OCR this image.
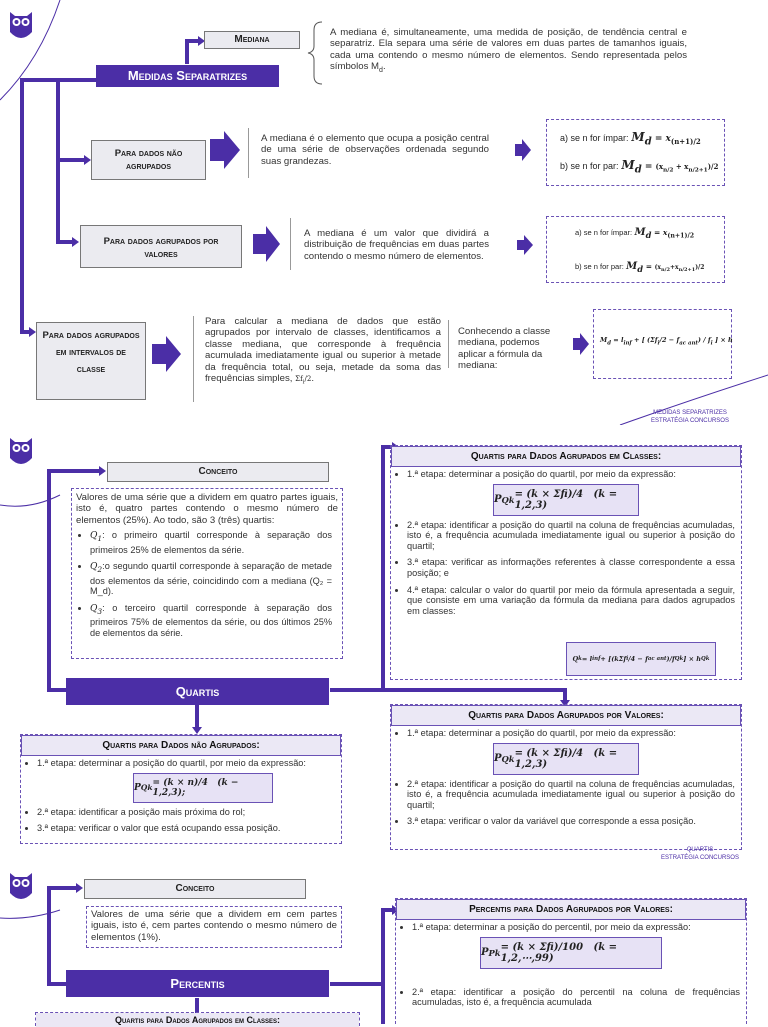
Mediana
Medidas Separatrizes
A mediana é, simultaneamente, uma medida de posição, de tendência central e separatriz. Ela separa uma série de valores em duas partes de tamanhos iguais, cada uma contendo o mesmo número de elementos. Sendo representada pelos símbolos $M_d$.
Para dados não agrupados
A mediana é o elemento que ocupa a posição central de uma série de observações ordenada segundo suas grandezas.
a) se n for ímpar: $M_d = x_{(n+1)/2}$
b) se n for par: $M_d = (x_{n/2} + x_{n/2+1})/2$
Para dados agrupados por valores
A mediana é um valor que dividirá a distribuição de frequências em duas partes contendo o mesmo número de elementos.
a) se n for ímpar: $M_d = x_{(n+1)/2}$
b) se n for par: $M_d = (x_{n/2}+x_{n/2+1})/2$
Para dados agrupados em intervalos de classe
Para calcular a mediana de dados que estão agrupados por intervalo de classes, identificamos a classe mediana, que corresponde à frequência acumulada imediatamente igual ou superior à metade da frequência total, ou seja, metade da soma das frequências simples, $\Sigma f_i/2$.
Conhecendo a classe mediana, podemos aplicar a fórmula da mediana:
$M_d = l_{inf}$ + [ $(\Sigma f_i/2 - f_{ac ant}) / f_i$ ] × h
MEDIDAS SEPARATRIZES
ESTRATÉGIA CONCURSOS
Conceito
Valores de uma série que a dividem em quatro partes iguais, isto é, quatro partes contendo o mesmo número de elementos (25%). Ao todo, são 3 (três) quartis:
• $Q_1$: o primeiro quartil corresponde à separação dos primeiros 25% de elementos da série.
• $Q_2:o$ segundo quartil corresponde à separação de metade dos elementos da série, coincidindo com a mediana (Q₂ = M_d).
• $Q_3$: o terceiro quartil corresponde à separação dos primeiros 75% de elementos da série, ou dos últimos 25% de elementos da série.
Quartis
Quartis para Dados Agrupados em Classes:
• 1.ª etapa: determinar a posição do quartil, por meio da expressão:
P Qk = (k × Σfi)/4   (k = 1,2,3)
• 2.ª etapa: identificar a posição do quartil na coluna de frequências acumuladas, isto é, a frequência acumulada imediatamente igual ou superior à posição do quartil;
• 3.ª etapa: verificar as informações referentes à classe correspondente a essa posição; e
• 4.ª etapa: calcular o valor do quartil por meio da fórmula apresentada a seguir, que consiste em uma variação da fórmula da mediana para dados agrupados em classes:
Q k = l inf + [(kΣf i /4 − f ac ant )/f Qk ] × h Qk
Quartis para Dados Agrupados por Valores:
• 1.ª etapa: determinar a posição do quartil, por meio da expressão:
P Qk = (k × Σfi)/4   (k = 1,2,3)
• 2.ª etapa: identificar a posição do quartil na coluna de frequências acumuladas, isto é, a frequência acumulada imediatamente igual ou superior à posição do quartil;
• 3.ª etapa: verificar o valor da variável que corresponde a essa posição.
Quartis para Dados não Agrupados:
• 1.ª etapa: determinar a posição do quartil, por meio da expressão:
P Qk = (k × n)/4   (k − 1,2,3);
• 2.ª etapa: identificar a posição mais próxima do rol;
• 3.ª etapa: verificar o valor que está ocupando essa posição.
QUARTIS
ESTRATÉGIA CONCURSOS
Conceito
Valores de uma série que a dividem em cem partes iguais, isto é, cem partes contendo o mesmo número de elementos (1%).
Percentis
Percentis para Dados Agrupados por Valores:
• 1.ª etapa: determinar a posição do percentil, por meio da expressão:
P Pk = (k × Σfi)/100   (k = 1,2,⋯,99)
• 2.ª etapa: identificar a posição do percentil na coluna de frequências acumuladas, isto é, a frequência acumulada
Quartis para Dados Agrupados em Classes:
